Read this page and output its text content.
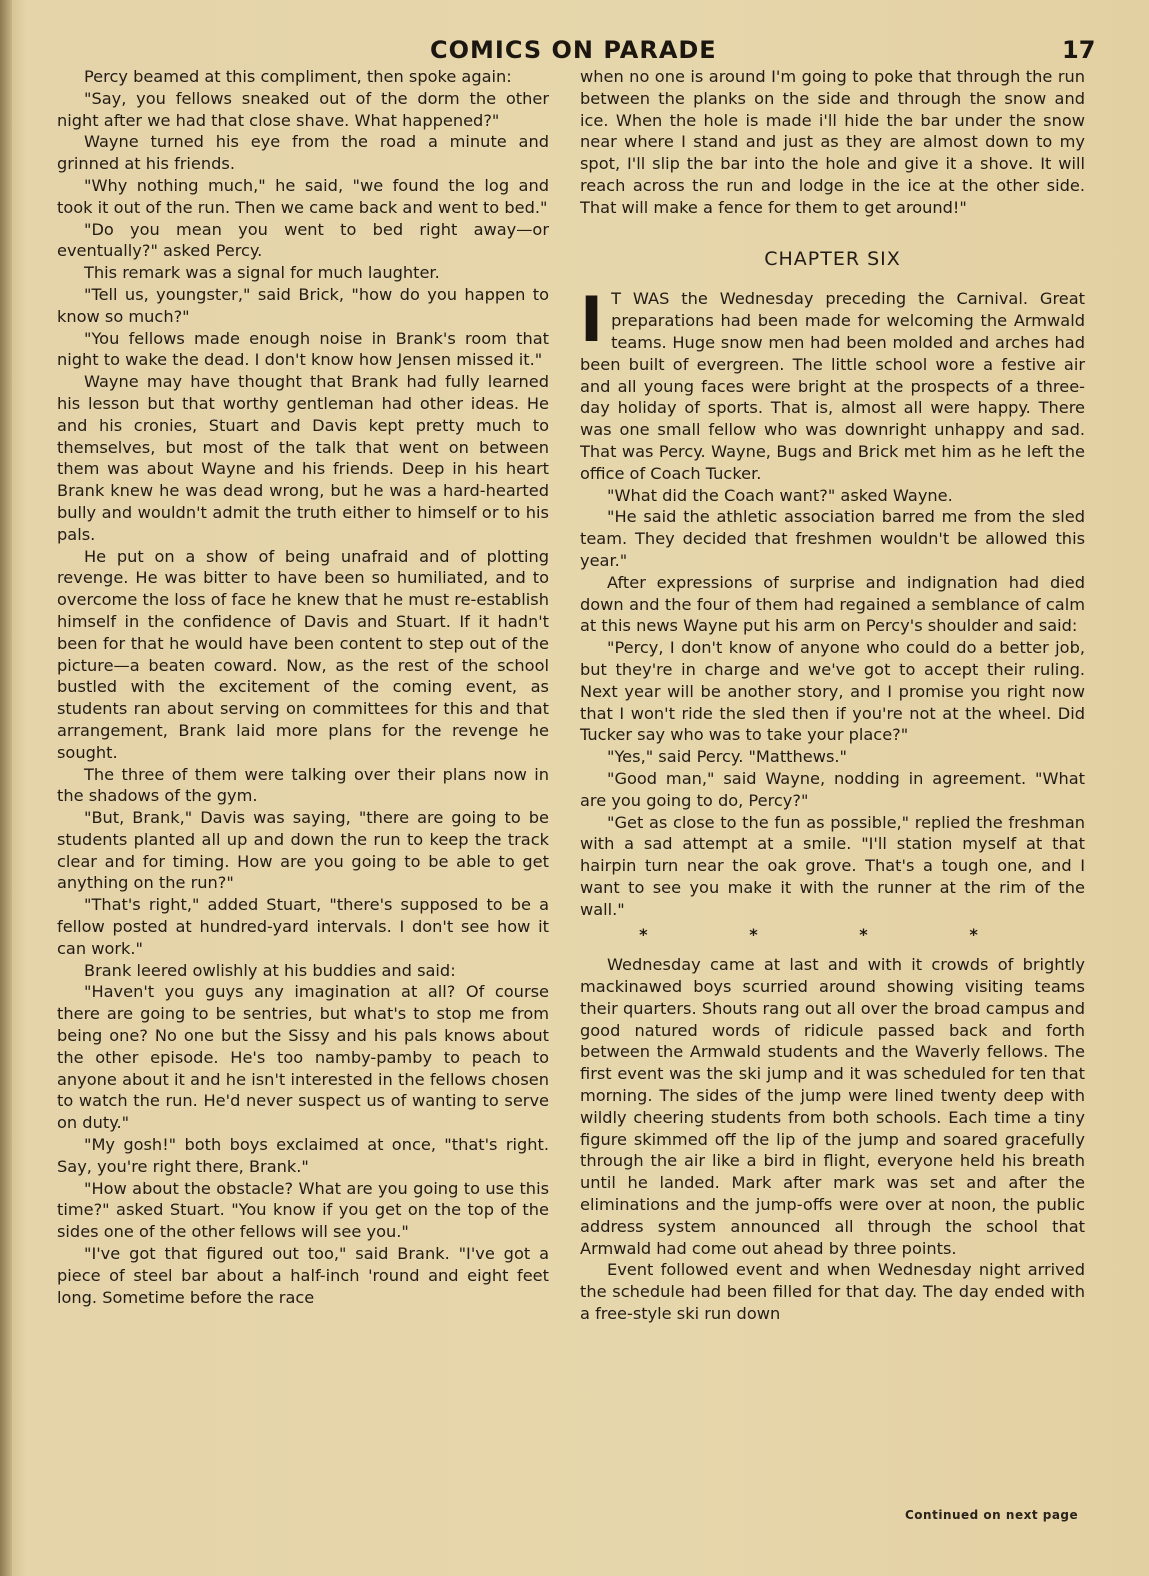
COMICS ON PARADE	17

Percy beamed at this compliment, then spoke again:

"Say, you fellows sneaked out of the dorm the other night after we had that close shave. What happened?"

Wayne turned his eye from the road a minute and grinned at his friends.

"Why nothing much," he said, "we found the log and took it out of the run. Then we came back and went to bed."

"Do you mean you went to bed right away—or eventually?" asked Percy.

This remark was a signal for much laughter.

"Tell us, youngster," said Brick, "how do you happen to know so much?"

"You fellows made enough noise in Brank's room that night to wake the dead. I don't know how Jensen missed it."

Wayne may have thought that Brank had fully learned his lesson but that worthy gentleman had other ideas. He and his cronies, Stuart and Davis kept pretty much to themselves, but most of the talk that went on between them was about Wayne and his friends. Deep in his heart Brank knew he was dead wrong, but he was a hard-hearted bully and wouldn't admit the truth either to himself or to his pals.

He put on a show of being unafraid and of plotting revenge. He was bitter to have been so humiliated, and to overcome the loss of face he knew that he must re-establish himself in the confidence of Davis and Stuart. If it hadn't been for that he would have been content to step out of the picture—a beaten coward. Now, as the rest of the school bustled with the excitement of the coming event, as students ran about serving on committees for this and that arrangement, Brank laid more plans for the revenge he sought.

The three of them were talking over their plans now in the shadows of the gym.

"But, Brank," Davis was saying, "there are going to be students planted all up and down the run to keep the track clear and for timing. How are you going to be able to get anything on the run?"

"That's right," added Stuart, "there's supposed to be a fellow posted at hundred-yard intervals. I don't see how it can work."

Brank leered owlishly at his buddies and said:

"Haven't you guys any imagination at all? Of course there are going to be sentries, but what's to stop me from being one? No one but the Sissy and his pals knows about the other episode. He's too namby-pamby to peach to anyone about it and he isn't interested in the fellows chosen to watch the run. He'd never suspect us of wanting to serve on duty."

"My gosh!" both boys exclaimed at once, "that's right. Say, you're right there, Brank."

"How about the obstacle? What are you going to use this time?" asked Stuart. "You know if you get on the top of the sides one of the other fellows will see you."

"I've got that figured out too," said Brank. "I've got a piece of steel bar about a half-inch 'round and eight feet long. Sometime before the race

when no one is around I'm going to poke that through the run between the planks on the side and through the snow and ice. When the hole is made i'll hide the bar under the snow near where I stand and just as they are almost down to my spot, I'll slip the bar into the hole and give it a shove. It will reach across the run and lodge in the ice at the other side. That will make a fence for them to get around!"

CHAPTER SIX

I T WAS the Wednesday preceding the Carnival. Great preparations had been made for welcoming the Armwald teams. Huge snow men had been molded and arches had been built of evergreen. The little school wore a festive air and all young faces were bright at the prospects of a three-day holiday of sports. That is, almost all were happy. There was one small fellow who was downright unhappy and sad. That was Percy. Wayne, Bugs and Brick met him as he left the office of Coach Tucker.

"What did the Coach want?" asked Wayne.

"He said the athletic association barred me from the sled team. They decided that freshmen wouldn't be allowed this year."

After expressions of surprise and indignation had died down and the four of them had regained a semblance of calm at this news Wayne put his arm on Percy's shoulder and said:

"Percy, I don't know of anyone who could do a better job, but they're in charge and we've got to accept their ruling. Next year will be another story, and I promise you right now that I won't ride the sled then if you're not at the wheel. Did Tucker say who was to take your place?"

"Yes," said Percy. "Matthews."

"Good man," said Wayne, nodding in agreement. "What are you going to do, Percy?"

"Get as close to the fun as possible," replied the freshman with a sad attempt at a smile. "I'll station myself at that hairpin turn near the oak grove. That's a tough one, and I want to see you make it with the runner at the rim of the wall."

* * * *

Wednesday came at last and with it crowds of brightly mackinawed boys scurried around showing visiting teams their quarters. Shouts rang out all over the broad campus and good natured words of ridicule passed back and forth between the Armwald students and the Waverly fellows. The first event was the ski jump and it was scheduled for ten that morning. The sides of the jump were lined twenty deep with wildly cheering students from both schools. Each time a tiny figure skimmed off the lip of the jump and soared gracefully through the air like a bird in flight, everyone held his breath until he landed. Mark after mark was set and after the eliminations and the jump-offs were over at noon, the public address system announced all through the school that Armwald had come out ahead by three points.

Event followed event and when Wednesday night arrived the schedule had been filled for that day. The day ended with a free-style ski run down

Continued on next page
